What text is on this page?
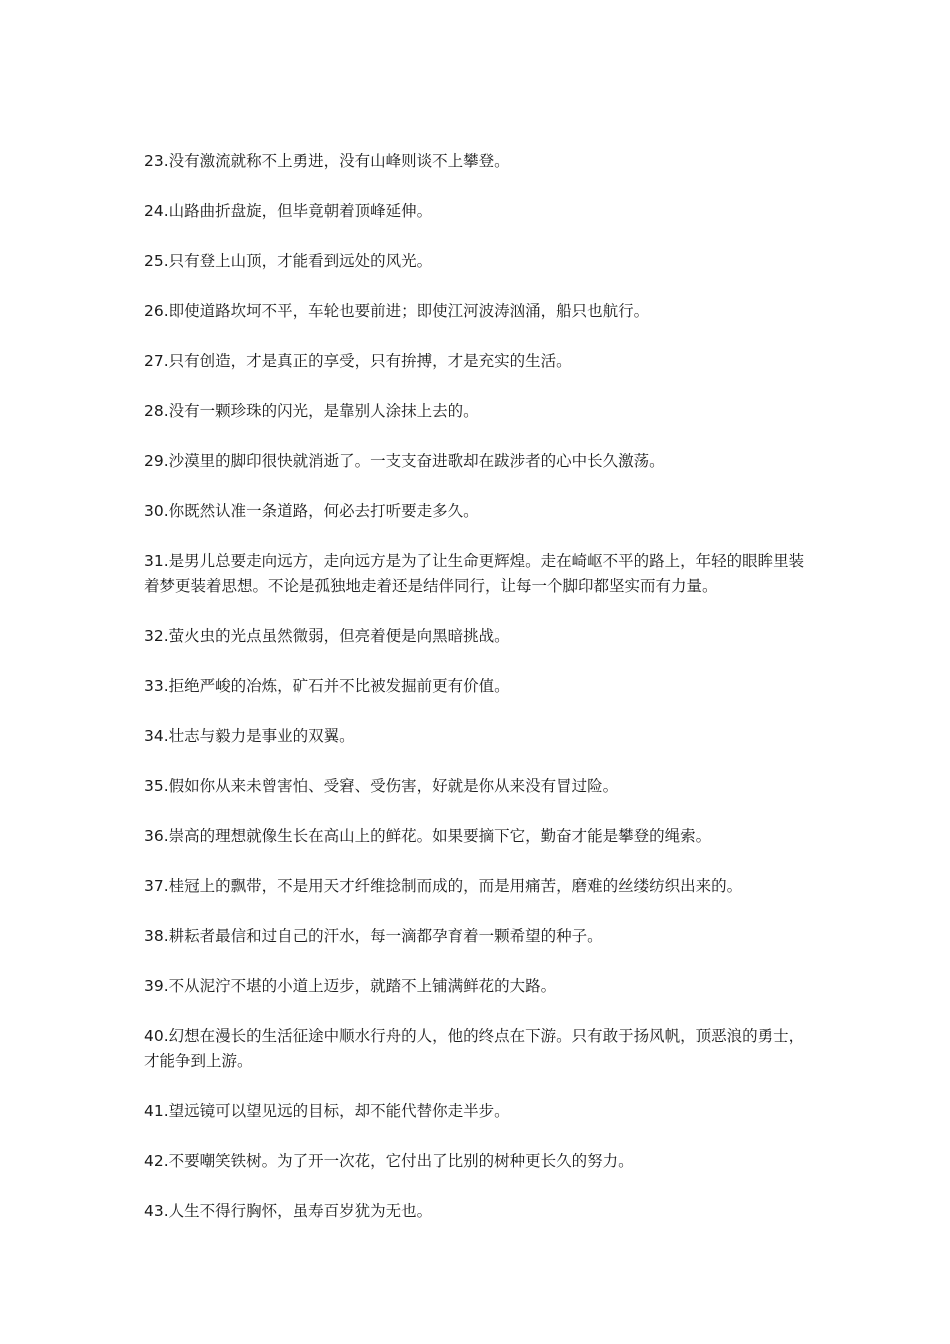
23.没有激流就称不上勇进，没有山峰则谈不上攀登。

24.山路曲折盘旋，但毕竟朝着顶峰延伸。

25.只有登上山顶，才能看到远处的风光。

26.即使道路坎坷不平，车轮也要前进；即使江河波涛汹涌，船只也航行。

27.只有创造，才是真正的享受，只有拚搏，才是充实的生活。

28.没有一颗珍珠的闪光，是靠别人涂抹上去的。

29.沙漠里的脚印很快就消逝了。一支支奋进歌却在跋涉者的心中长久激荡。

30.你既然认准一条道路，何必去打听要走多久。

31.是男儿总要走向远方，走向远方是为了让生命更辉煌。走在崎岖不平的路上，年轻的眼眸里装着梦更装着思想。不论是孤独地走着还是结伴同行，让每一个脚印都坚实而有力量。

32.萤火虫的光点虽然微弱，但亮着便是向黑暗挑战。

33.拒绝严峻的冶炼，矿石并不比被发掘前更有价值。

34.壮志与毅力是事业的双翼。

35.假如你从来未曾害怕、受窘、受伤害，好就是你从来没有冒过险。

36.崇高的理想就像生长在高山上的鲜花。如果要摘下它，勤奋才能是攀登的绳索。

37.桂冠上的飘带，不是用天才纤维捻制而成的，而是用痛苦，磨难的丝缕纺织出来的。

38.耕耘者最信和过自己的汗水，每一滴都孕育着一颗希望的种子。

39.不从泥泞不堪的小道上迈步，就踏不上铺满鲜花的大路。

40.幻想在漫长的生活征途中顺水行舟的人，他的终点在下游。只有敢于扬风帆，顶恶浪的勇士，才能争到上游。

41.望远镜可以望见远的目标，却不能代替你走半步。

42.不要嘲笑铁树。为了开一次花，它付出了比别的树种更长久的努力。

43.人生不得行胸怀，虽寿百岁犹为无也。
